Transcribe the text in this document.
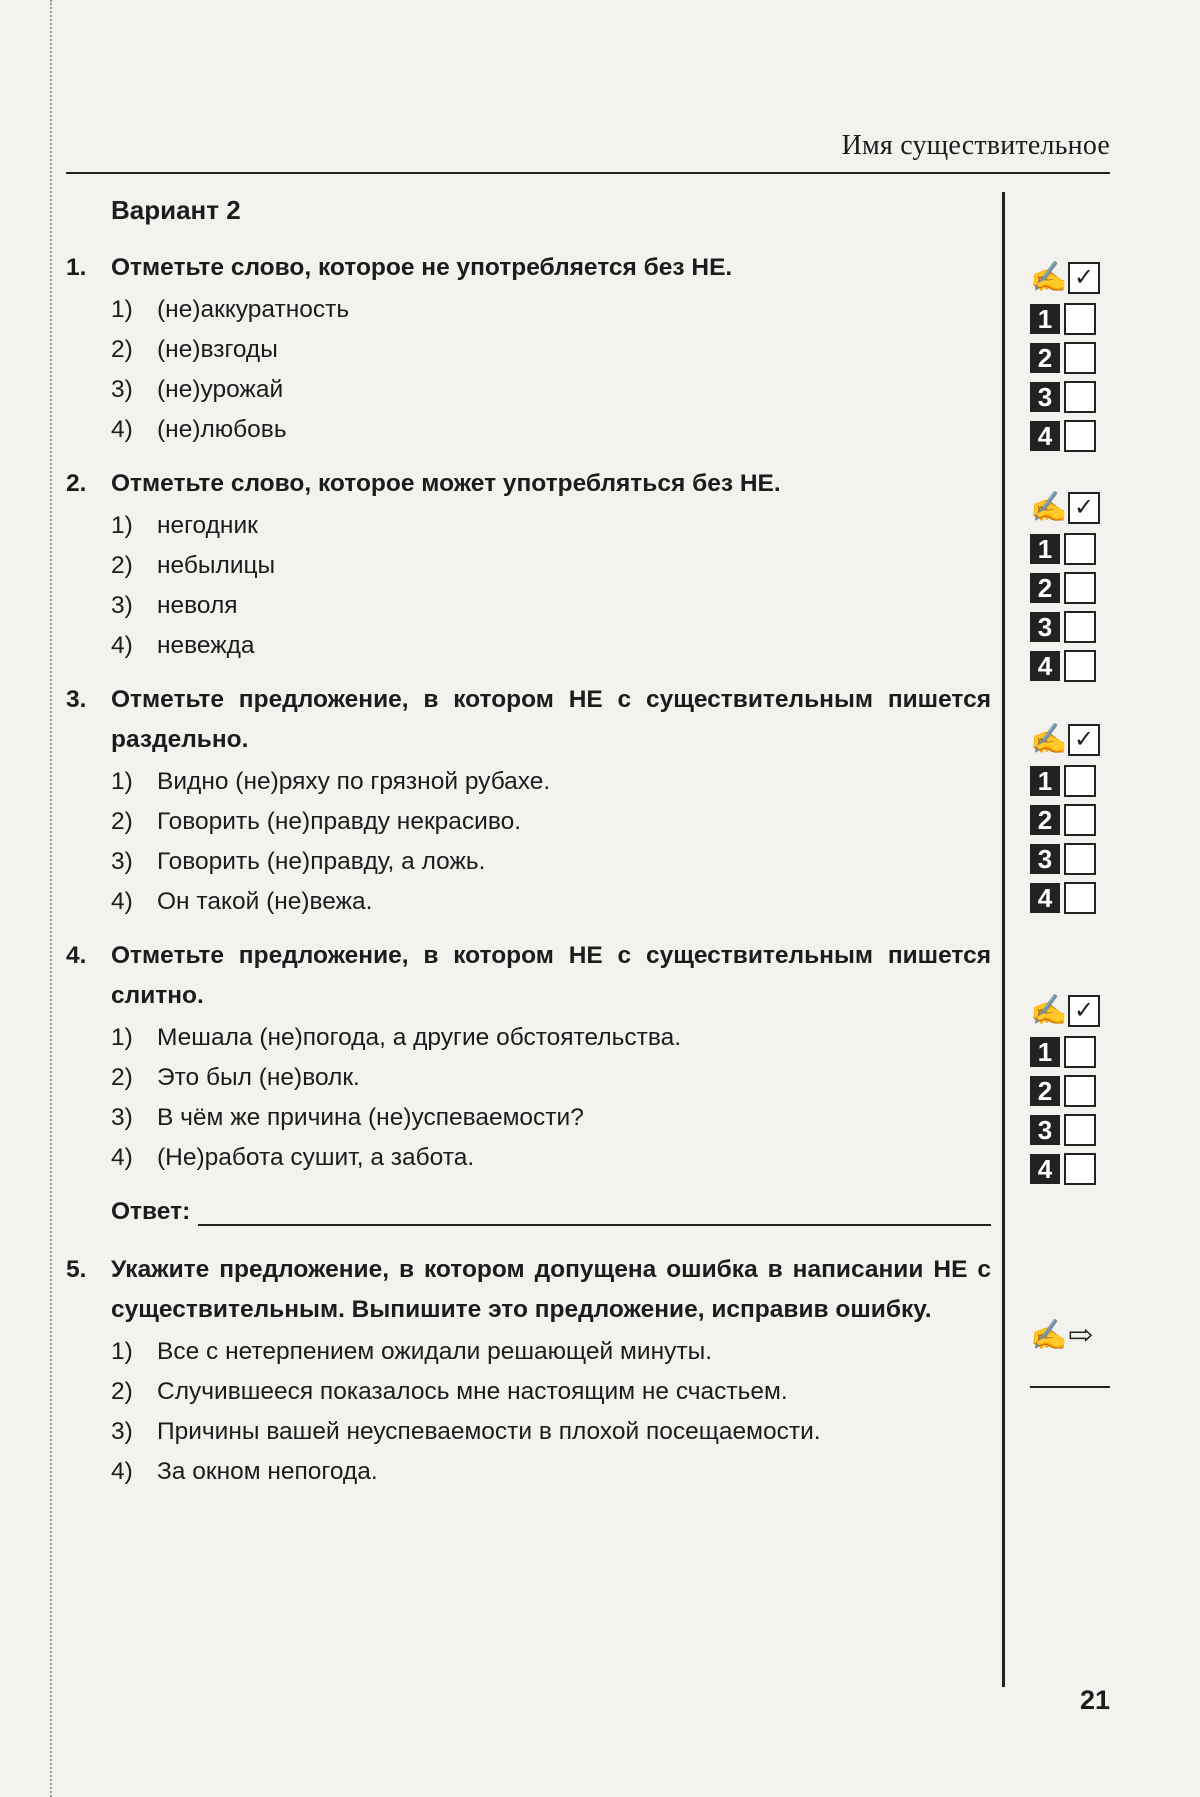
Имя существительное
Вариант 2
1. Отметьте слово, которое не употребляется без НЕ.
1) (не)аккуратность
2) (не)взгоды
3) (не)урожай
4) (не)любовь
2. Отметьте слово, которое может употребляться без НЕ.
1) негодник
2) небылицы
3) неволя
4) невежда
3. Отметьте предложение, в котором НЕ с существительным пишется раздельно.
1) Видно (не)ряху по грязной рубахе.
2) Говорить (не)правду некрасиво.
3) Говорить (не)правду, а ложь.
4) Он такой (не)вежа.
4. Отметьте предложение, в котором НЕ с существительным пишется слитно.
1) Мешала (не)погода, а другие обстоятельства.
2) Это был (не)волк.
3) В чём же причина (не)успеваемости?
4) (Не)работа сушит, а забота.
Ответ:
5. Укажите предложение, в котором допущена ошибка в написании НЕ с существительным. Выпишите это предложение, исправив ошибку.
1) Все с нетерпением ожидали решающей минуты.
2) Случившееся показалось мне настоящим не счастьем.
3) Причины вашей неуспеваемости в плохой посещаемости.
4) За окном непогода.
✍ ✓
1
2
3
4
✍ ✓
1
2
3
4
✍ ✓
1
2
3
4
✍ ✓
1
2
3
4
✍ ⇨
21
